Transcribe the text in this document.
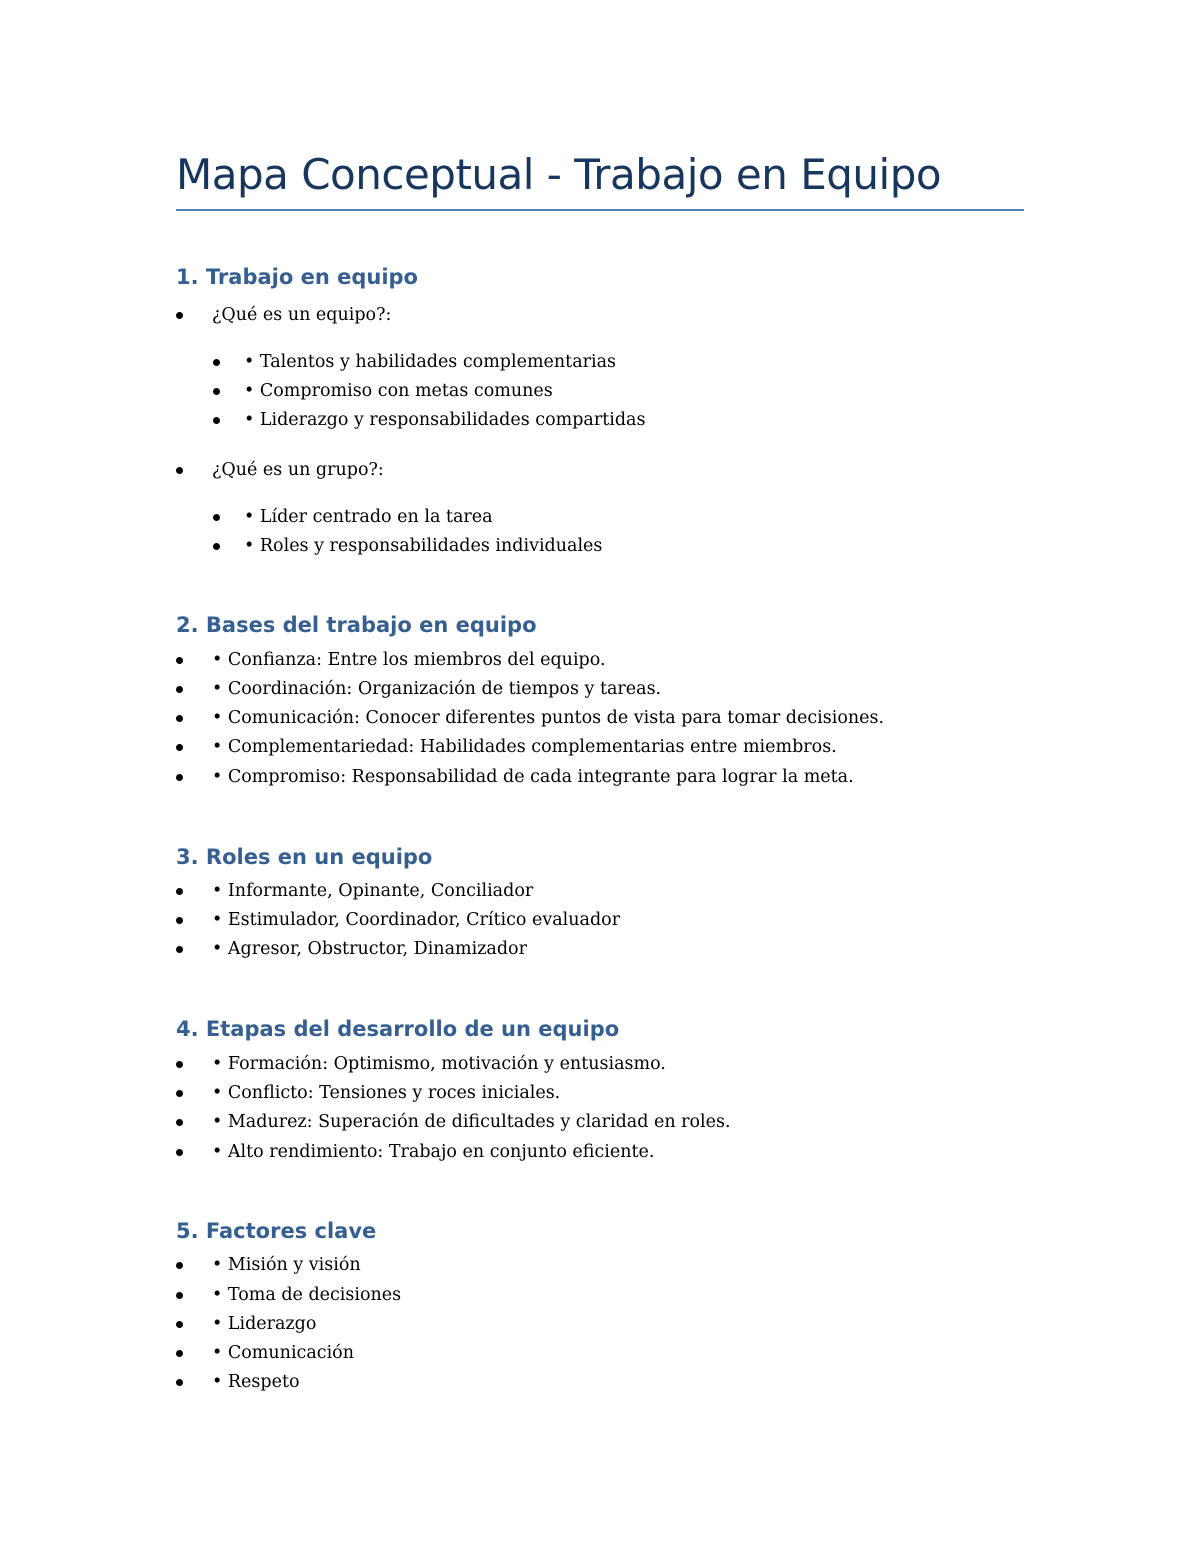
Mapa Conceptual - Trabajo en Equipo
1. Trabajo en equipo
¿Qué es un equipo?:
• Talentos y habilidades complementarias
• Compromiso con metas comunes
• Liderazgo y responsabilidades compartidas
¿Qué es un grupo?:
• Líder centrado en la tarea
• Roles y responsabilidades individuales
2. Bases del trabajo en equipo
• Confianza: Entre los miembros del equipo.
• Coordinación: Organización de tiempos y tareas.
• Comunicación: Conocer diferentes puntos de vista para tomar decisiones.
• Complementariedad: Habilidades complementarias entre miembros.
• Compromiso: Responsabilidad de cada integrante para lograr la meta.
3. Roles en un equipo
• Informante, Opinante, Conciliador
• Estimulador, Coordinador, Crítico evaluador
• Agresor, Obstructor, Dinamizador
4. Etapas del desarrollo de un equipo
• Formación: Optimismo, motivación y entusiasmo.
• Conflicto: Tensiones y roces iniciales.
• Madurez: Superación de dificultades y claridad en roles.
• Alto rendimiento: Trabajo en conjunto eficiente.
5. Factores clave
• Misión y visión
• Toma de decisiones
• Liderazgo
• Comunicación
• Respeto
